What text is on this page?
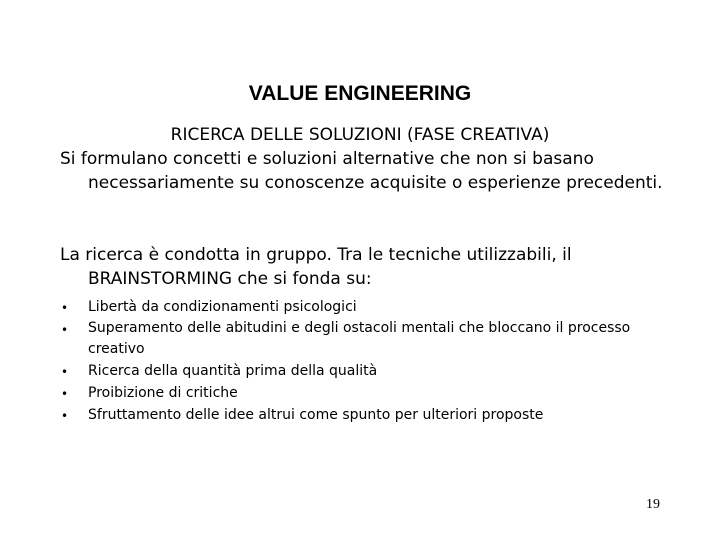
VALUE ENGINEERING
RICERCA DELLE SOLUZIONI (FASE CREATIVA)
Si formulano concetti e soluzioni alternative che non si basano necessariamente su conoscenze acquisite o esperienze precedenti.
La ricerca è condotta in gruppo. Tra le tecniche utilizzabili, il BRAINSTORMING che si fonda su:
• Libertà da condizionamenti psicologici
• Superamento delle abitudini e degli ostacoli mentali che bloccano il processo creativo
• Ricerca della quantità prima della qualità
• Proibizione di critiche
• Sfruttamento delle idee altrui come spunto per ulteriori proposte
19
